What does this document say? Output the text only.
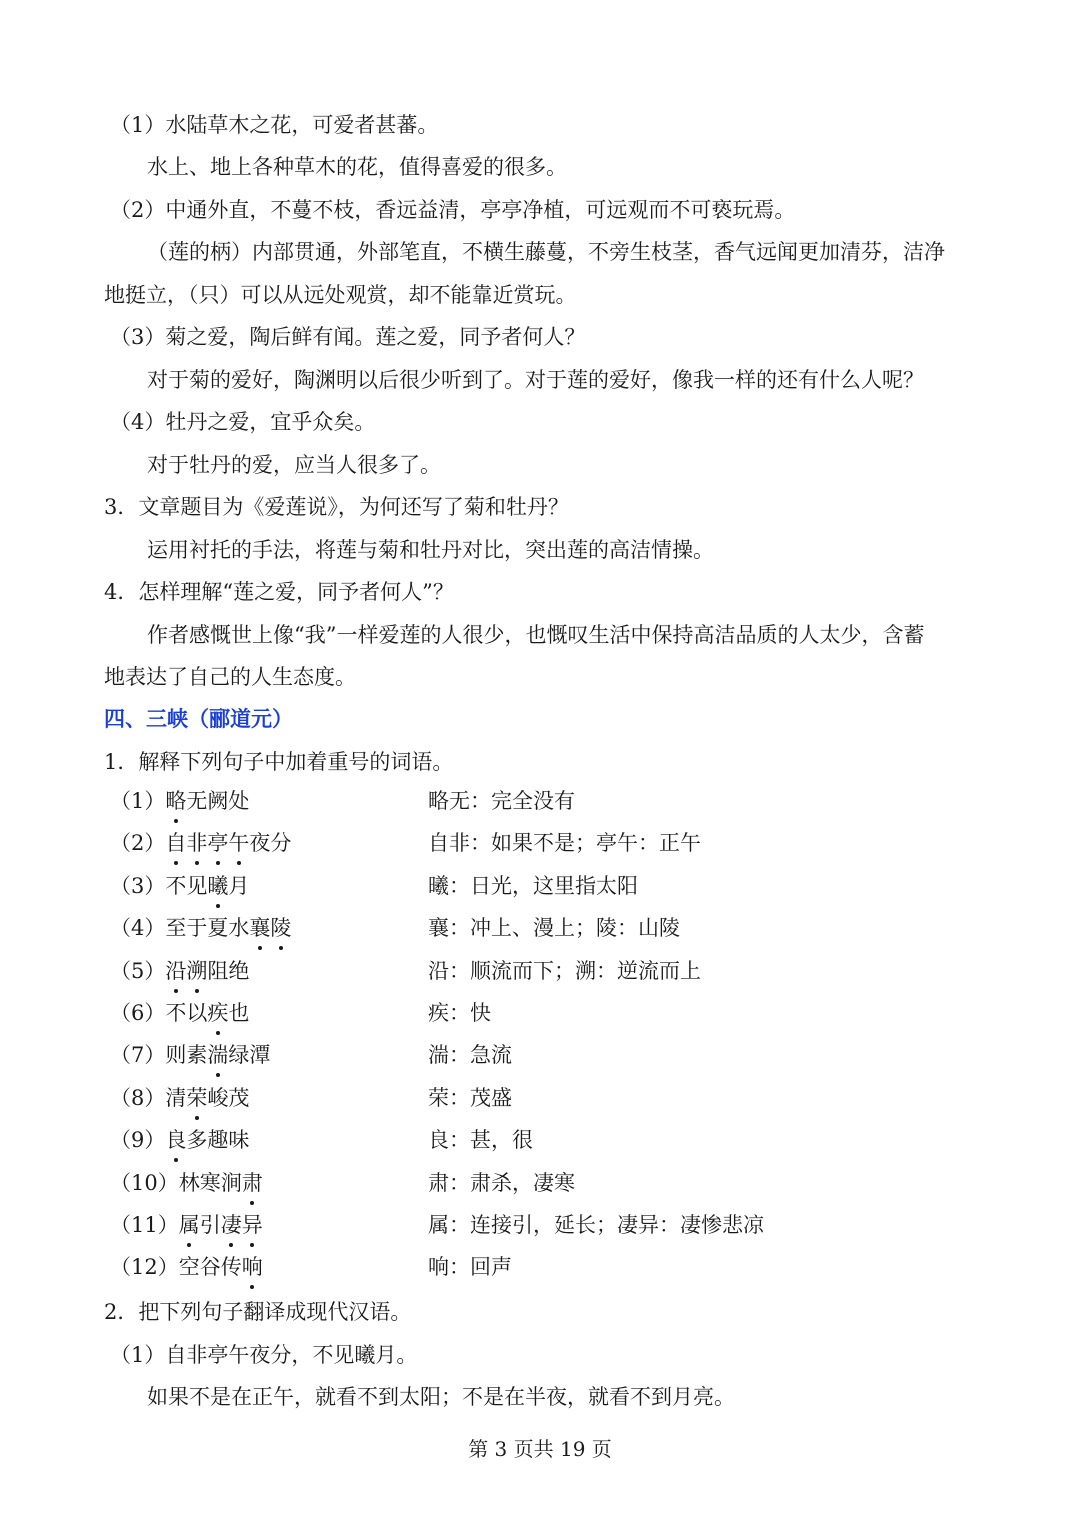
（1）水陆草木之花，可爱者甚蕃。
水上、地上各种草木的花，值得喜爱的很多。
（2）中通外直，不蔓不枝，香远益清，亭亭净植，可远观而不可亵玩焉。
（莲的柄）内部贯通，外部笔直，不横生藤蔓，不旁生枝茎，香气远闻更加清芬，洁净
地挺立，（只）可以从远处观赏，却不能靠近赏玩。
（3）菊之爱，陶后鲜有闻。莲之爱，同予者何人？
对于菊的爱好，陶渊明以后很少听到了。对于莲的爱好，像我一样的还有什么人呢？
（4）牡丹之爱，宜乎众矣。
对于牡丹的爱，应当人很多了。
3．文章题目为《爱莲说》，为何还写了菊和牡丹？
运用衬托的手法，将莲与菊和牡丹对比，突出莲的高洁情操。
4．怎样理解“莲之爱，同予者何人”？
作者感慨世上像“我”一样爱莲的人很少，也慨叹生活中保持高洁品质的人太少，含蓄
地表达了自己的人生态度。
四、三峡（郦道元）
1．解释下列句子中加着重号的词语。
（1）略无阙处	略无：完全没有
（2）自非亭午夜分	自非：如果不是；亭午：正午
（3）不见曦月	曦：日光，这里指太阳
（4）至于夏水襄陵	襄：冲上、漫上；陵：山陵
（5）沿溯阻绝	沿：顺流而下；溯：逆流而上
（6）不以疾也	疾：快
（7）则素湍绿潭	湍：急流
（8）清荣峻茂	荣：茂盛
（9）良多趣味	良：甚，很
（10）林寒涧肃	肃：肃杀，凄寒
（11）属引凄异	属：连接引，延长；凄异：凄惨悲凉
（12）空谷传响	响：回声
2．把下列句子翻译成现代汉语。
（1）自非亭午夜分，不见曦月。
如果不是在正午，就看不到太阳；不是在半夜，就看不到月亮。
第 3 页共 19 页
